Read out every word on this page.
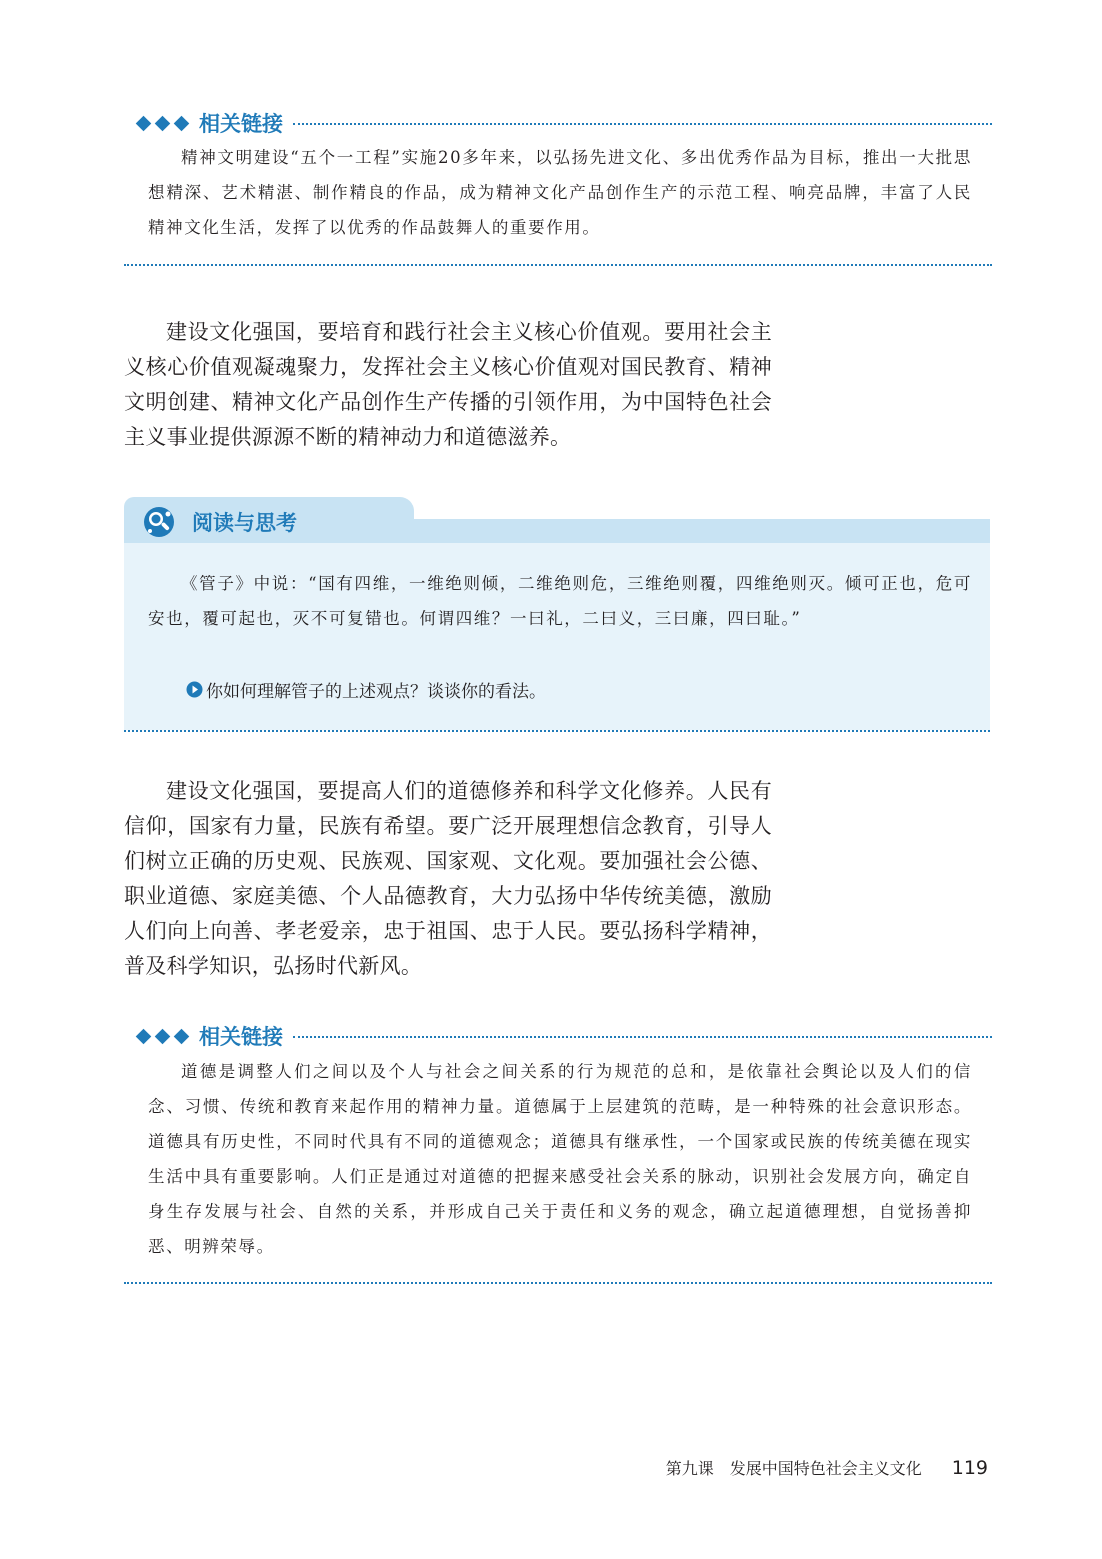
相关链接
精神文明建设“五个一工程”实施20多年来，以弘扬先进文化、多出优秀作品为目标，推出一大批思想精深、艺术精湛、制作精良的作品，成为精神文化产品创作生产的示范工程、响亮品牌，丰富了人民精神文化生活，发挥了以优秀的作品鼓舞人的重要作用。
建设文化强国，要培育和践行社会主义核心价值观。要用社会主义核心价值观凝魂聚力，发挥社会主义核心价值观对国民教育、精神文明创建、精神文化产品创作生产传播的引领作用，为中国特色社会主义事业提供源源不断的精神动力和道德滋养。
阅读与思考
《管子》中说：“国有四维，一维绝则倾，二维绝则危，三维绝则覆，四维绝则灭。倾可正也，危可安也，覆可起也，灭不可复错也。何谓四维？一曰礼，二曰义，三曰廉，四曰耻。”
你如何理解管子的上述观点？谈谈你的看法。
建设文化强国，要提高人们的道德修养和科学文化修养。人民有信仰，国家有力量，民族有希望。要广泛开展理想信念教育，引导人们树立正确的历史观、民族观、国家观、文化观。要加强社会公德、职业道德、家庭美德、个人品德教育，大力弘扬中华传统美德，激励人们向上向善、孝老爱亲，忠于祖国、忠于人民。要弘扬科学精神，普及科学知识，弘扬时代新风。
相关链接
道德是调整人们之间以及个人与社会之间关系的行为规范的总和，是依靠社会舆论以及人们的信念、习惯、传统和教育来起作用的精神力量。道德属于上层建筑的范畴，是一种特殊的社会意识形态。道德具有历史性，不同时代具有不同的道德观念；道德具有继承性，一个国家或民族的传统美德在现实生活中具有重要影响。人们正是通过对道德的把握来感受社会关系的脉动，识别社会发展方向，确定自身生存发展与社会、自然的关系，并形成自己关于责任和义务的观念，确立起道德理想，自觉扬善抑恶、明辨荣辱。
第九课 发展中国特色社会主义文化 119
